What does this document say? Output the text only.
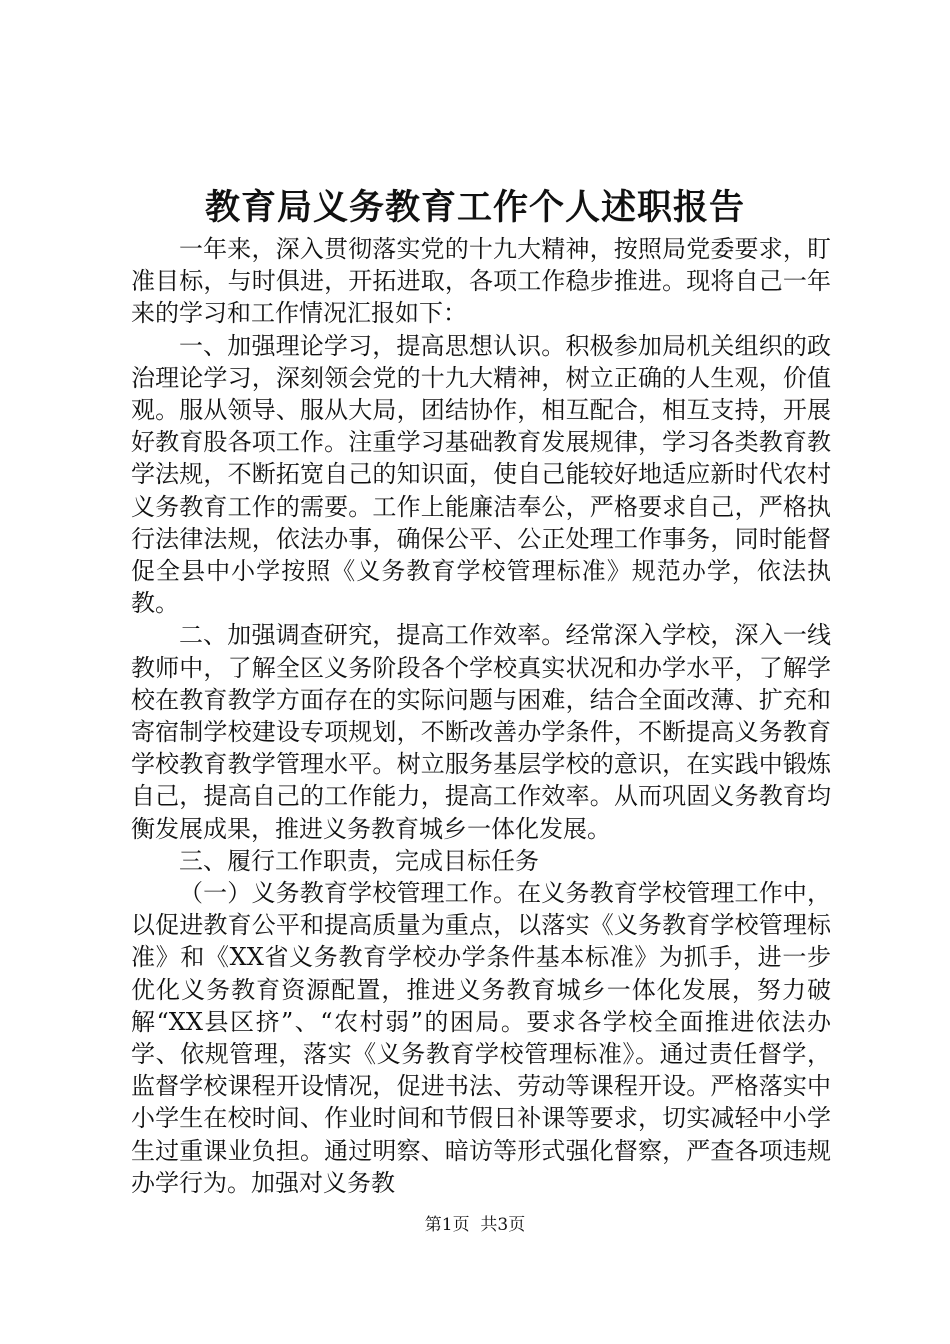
教育局义务教育工作个人述职报告

一年来，深入贯彻落实党的十九大精神，按照局党委要求，盯准目标，与时俱进，开拓进取，各项工作稳步推进。现将自己一年来的学习和工作情况汇报如下：

一、加强理论学习，提高思想认识。积极参加局机关组织的政治理论学习，深刻领会党的十九大精神，树立正确的人生观，价值观。服从领导、服从大局，团结协作，相互配合，相互支持，开展好教育股各项工作。注重学习基础教育发展规律，学习各类教育教学法规，不断拓宽自己的知识面，使自己能较好地适应新时代农村义务教育工作的需要。工作上能廉洁奉公，严格要求自己，严格执行法律法规，依法办事，确保公平、公正处理工作事务，同时能督促全县中小学按照《义务教育学校管理标准》规范办学，依法执教。

二、加强调查研究，提高工作效率。经常深入学校，深入一线教师中，了解全区义务阶段各个学校真实状况和办学水平，了解学校在教育教学方面存在的实际问题与困难，结合全面改薄、扩充和寄宿制学校建设专项规划，不断改善办学条件，不断提高义务教育学校教育教学管理水平。树立服务基层学校的意识，在实践中锻炼自己，提高自己的工作能力，提高工作效率。从而巩固义务教育均衡发展成果，推进义务教育城乡一体化发展。

三、履行工作职责，完成目标任务

（一）义务教育学校管理工作。在义务教育学校管理工作中，以促进教育公平和提高质量为重点，以落实《义务教育学校管理标准》和《XX省义务教育学校办学条件基本标准》为抓手，进一步优化义务教育资源配置，推进义务教育城乡一体化发展，努力破解“XX县区挤”、“农村弱”的困局。要求各学校全面推进依法办学、依规管理，落实《义务教育学校管理标准》。通过责任督学，监督学校课程开设情况，促进书法、劳动等课程开设。严格落实中小学生在校时间、作业时间和节假日补课等要求，切实减轻中小学生过重课业负担。通过明察、暗访等形式强化督察，严查各项违规办学行为。加强对义务教

第1页  共3页
